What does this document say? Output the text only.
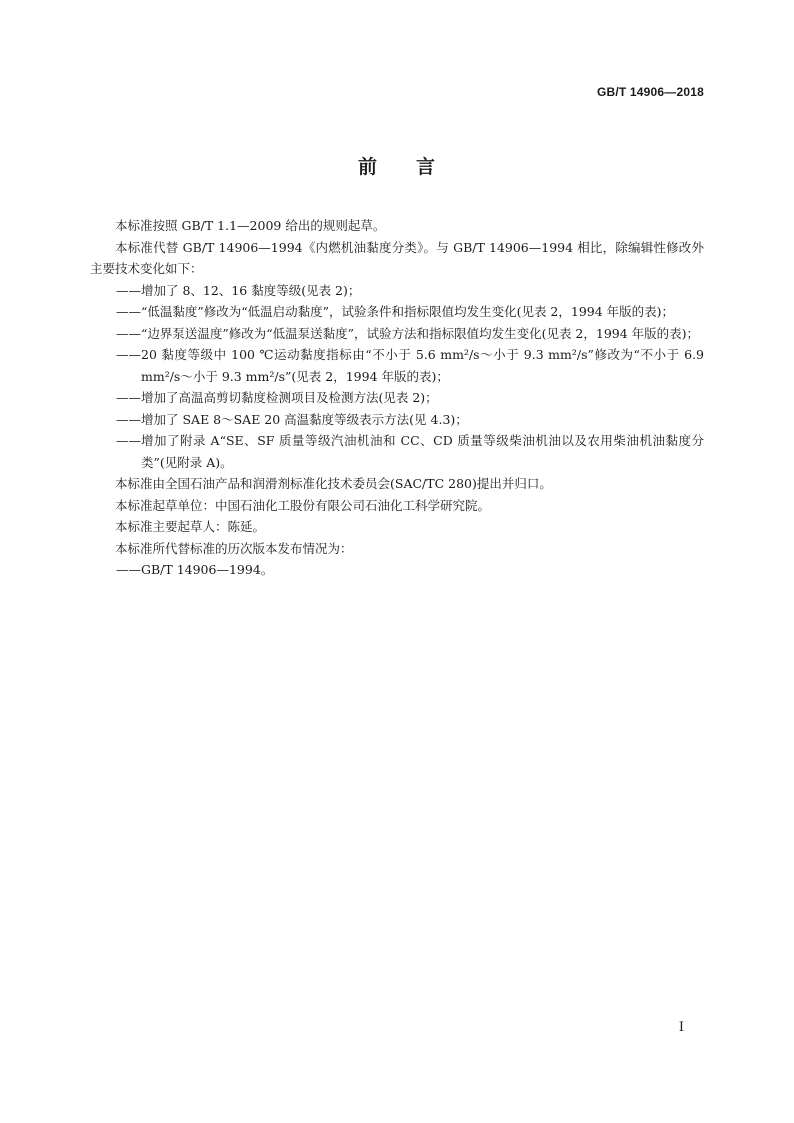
GB/T 14906—2018
前 言
本标准按照 GB/T 1.1—2009 给出的规则起草。
本标准代替 GB/T 14906—1994《内燃机油黏度分类》。与 GB/T 14906—1994 相比，除编辑性修改外主要技术变化如下：
—— 增加了 8、12、16 黏度等级(见表 2)；
—— “低温黏度”修改为“低温启动黏度”，试验条件和指标限值均发生变化(见表 2，1994 年版的表)；
—— “边界泵送温度”修改为“低温泵送黏度”，试验方法和指标限值均发生变化(见表 2，1994 年版的表)；
—— 20 黏度等级中 100 ℃运动黏度指标由“不小于 5.6 mm²/s～小于 9.3 mm²/s”修改为“不小于 6.9 mm²/s～小于 9.3 mm²/s”(见表 2，1994 年版的表)；
—— 增加了高温高剪切黏度检测项目及检测方法(见表 2)；
—— 增加了 SAE 8～SAE 20 高温黏度等级表示方法(见 4.3)；
—— 增加了附录 A“SE、SF 质量等级汽油机油和 CC、CD 质量等级柴油机油以及农用柴油机油黏度分类”(见附录 A)。
本标准由全国石油产品和润滑剂标准化技术委员会(SAC/TC 280)提出并归口。
本标准起草单位：中国石油化工股份有限公司石油化工科学研究院。
本标准主要起草人：陈延。
本标准所代替标准的历次版本发布情况为：
—— GB/T 14906—1994。
I
